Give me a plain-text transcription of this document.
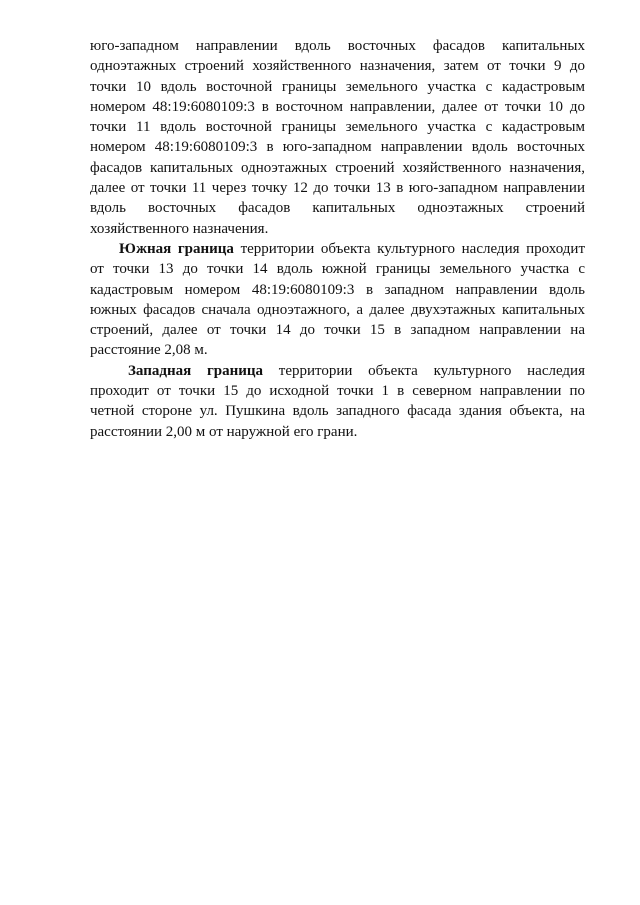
юго-западном направлении вдоль восточных фасадов капитальных одноэтажных строений хозяйственного назначения, затем от точки 9 до точки 10 вдоль восточной границы земельного участка с кадастровым номером 48:19:6080109:3 в восточном направлении, далее от точки 10 до точки 11 вдоль восточной границы земельного участка с кадастровым номером 48:19:6080109:3 в юго-западном направлении вдоль восточных фасадов капитальных одноэтажных строений хозяйственного назначения, далее от точки 11 через точку 12 до точки 13 в юго-западном направлении вдоль восточных фасадов капитальных одноэтажных строений хозяйственного назначения.

Южная граница территории объекта культурного наследия проходит от точки 13 до точки 14 вдоль южной границы земельного участка с кадастровым номером 48:19:6080109:3 в западном направлении вдоль южных фасадов сначала одноэтажного, а далее двухэтажных капитальных строений, далее от точки 14 до точки 15 в западном направлении на расстояние 2,08 м.

Западная граница территории объекта культурного наследия проходит от точки 15 до исходной точки 1 в северном направлении по четной стороне ул. Пушкина вдоль западного фасада здания объекта, на расстоянии 2,00 м от наружной его грани.
